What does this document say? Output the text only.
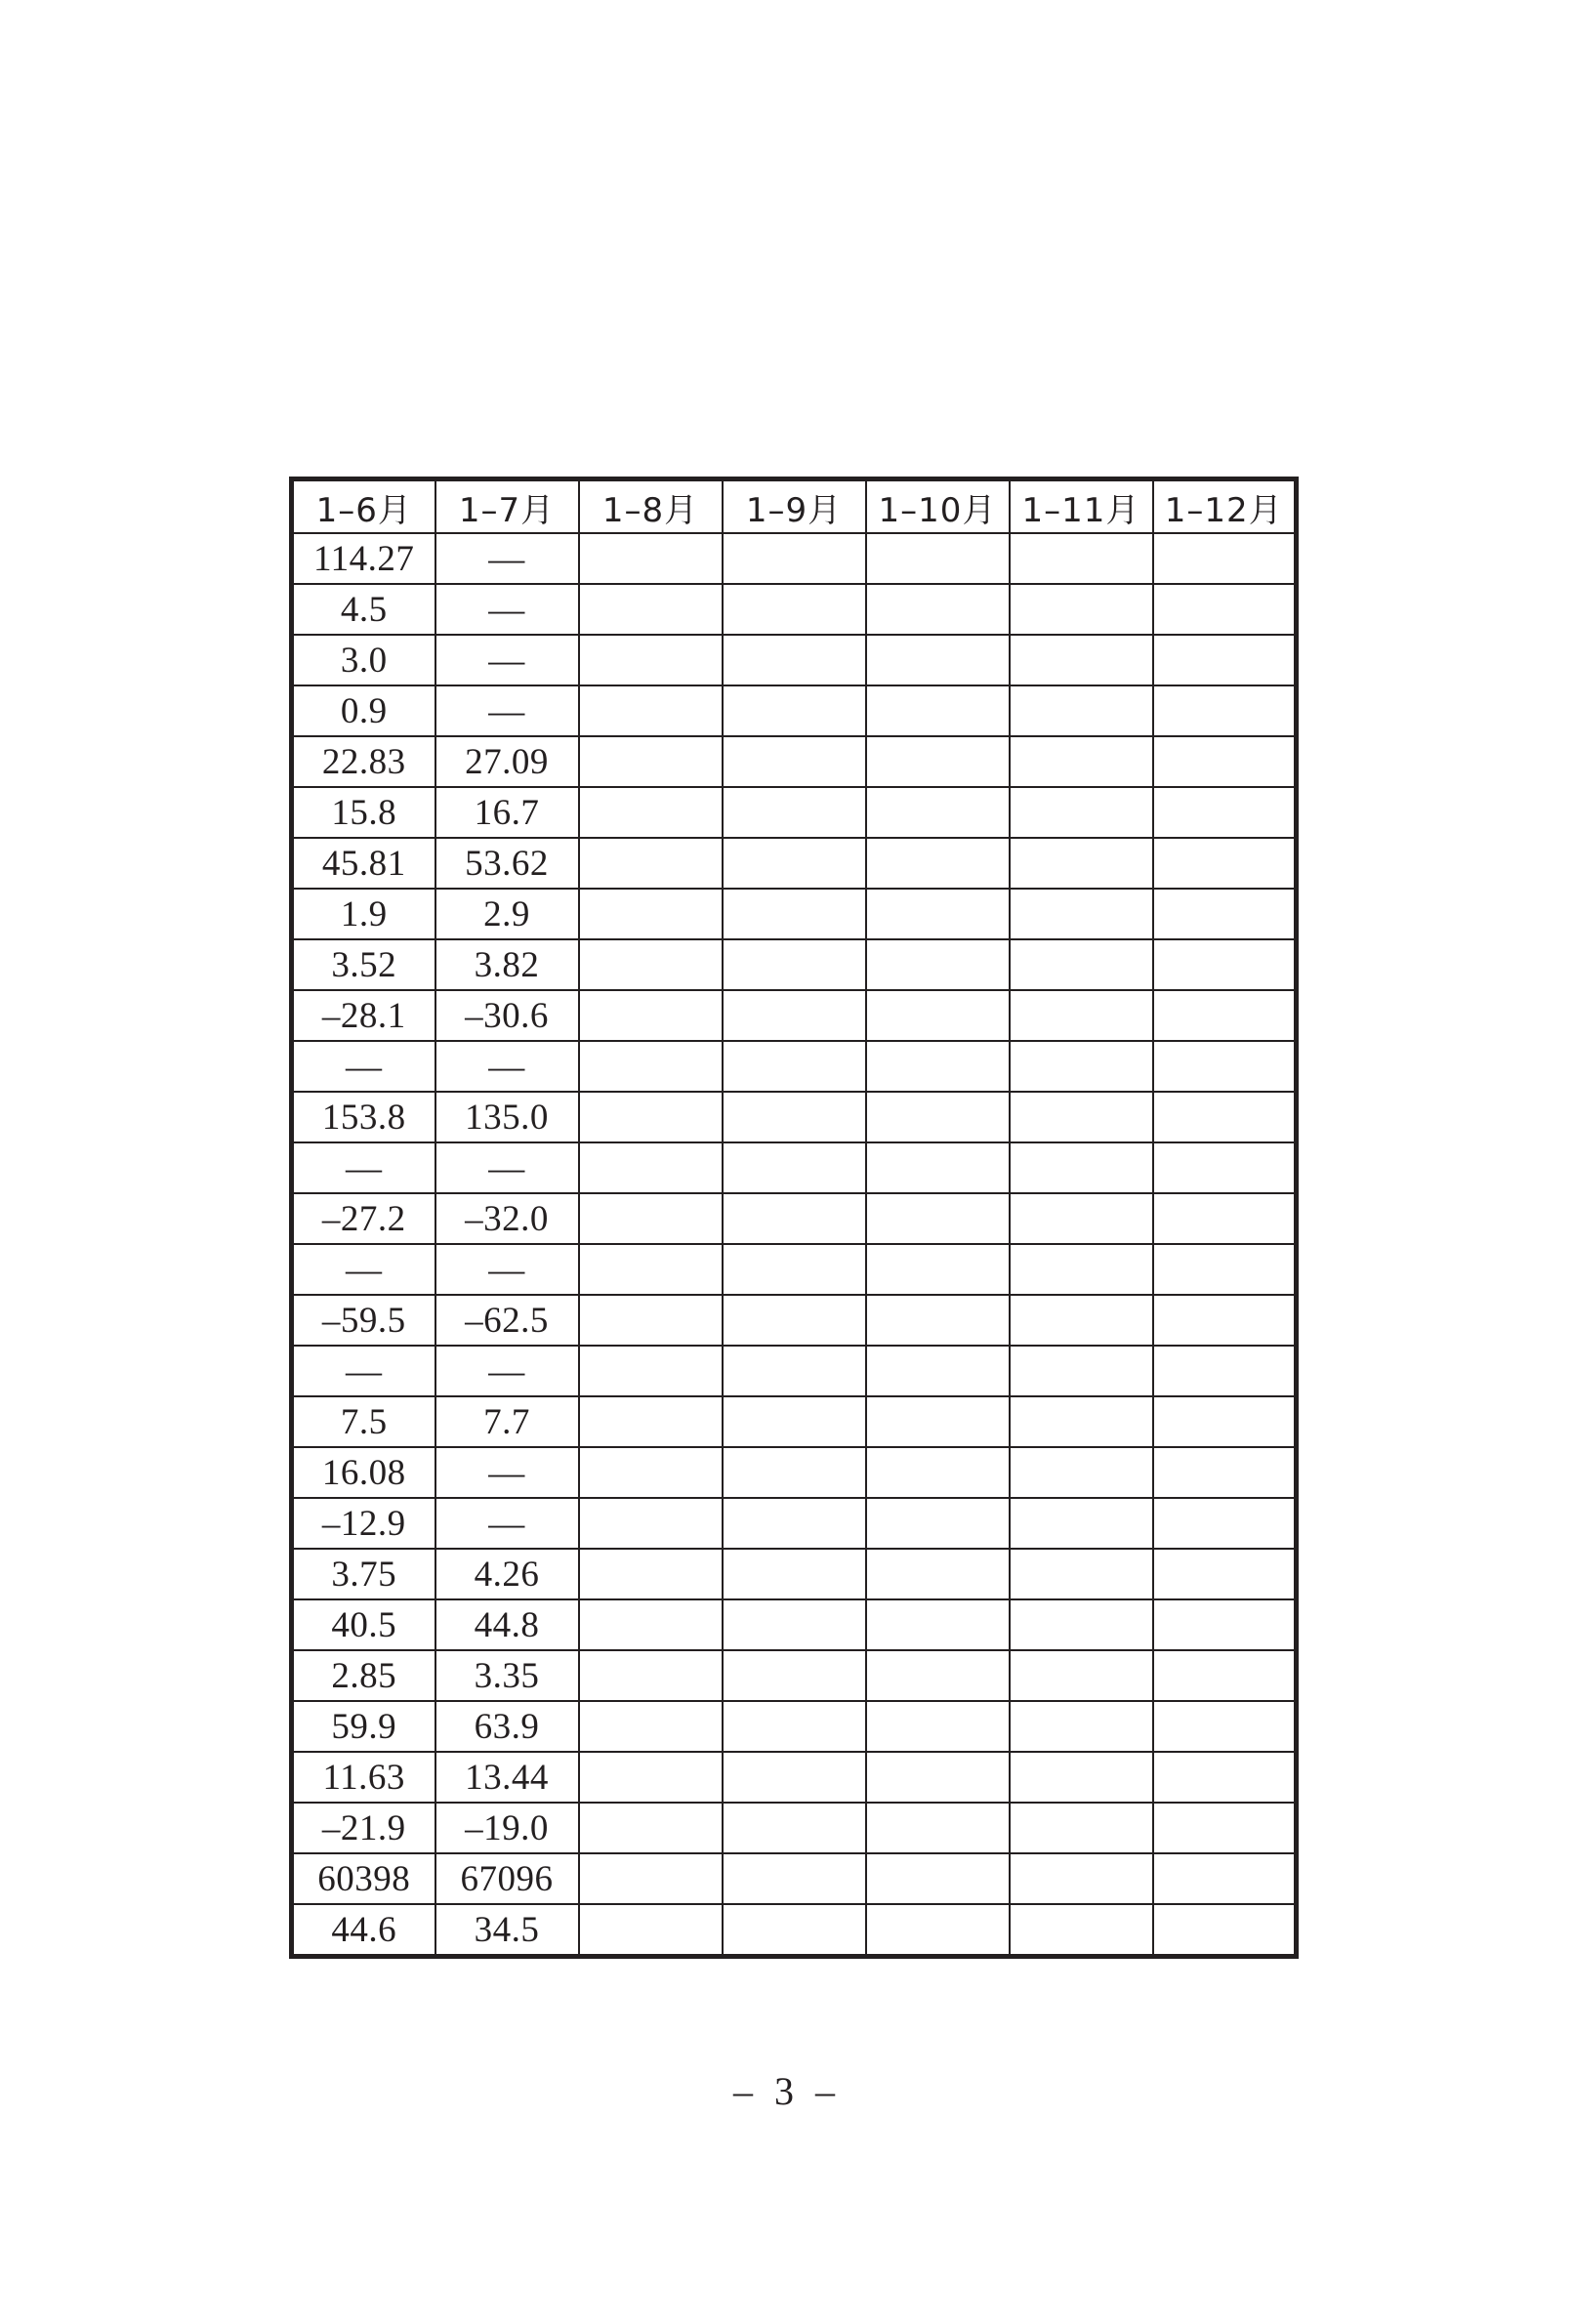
1–6月	1–7月	1–8月	1–9月	1–10月	1–11月	1–12月
114.27	—					
4.5	—					
3.0	—					
0.9	—					
22.83	27.09					
15.8	16.7					
45.81	53.62					
1.9	2.9					
3.52	3.82					
–28.1	–30.6					
—	—					
153.8	135.0					
—	—					
–27.2	–32.0					
—	—					
–59.5	–62.5					
—	—					
7.5	7.7					
16.08	—					
–12.9	—					
3.75	4.26					
40.5	44.8					
2.85	3.35					
59.9	63.9					
11.63	13.44					
–21.9	–19.0					
60398	67096					
44.6	34.5					
– 3 –
